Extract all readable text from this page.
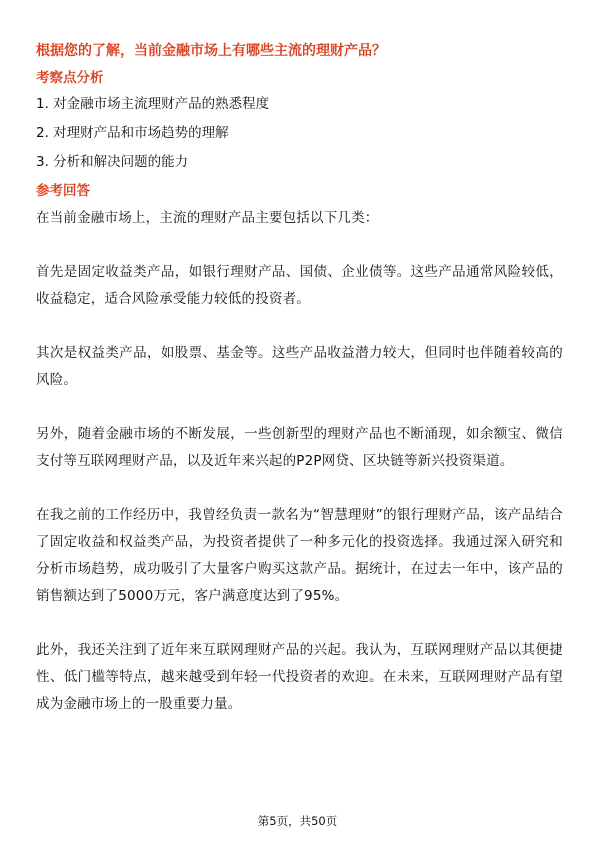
根据您的了解，当前金融市场上有哪些主流的理财产品？
考察点分析
1. 对金融市场主流理财产品的熟悉程度
2. 对理财产品和市场趋势的理解
3. 分析和解决问题的能力
参考回答
在当前金融市场上，主流的理财产品主要包括以下几类：
首先是固定收益类产品，如银行理财产品、国债、企业债等。这些产品通常风险较低，收益稳定，适合风险承受能力较低的投资者。
其次是权益类产品，如股票、基金等。这些产品收益潜力较大，但同时也伴随着较高的风险。
另外，随着金融市场的不断发展，一些创新型的理财产品也不断涌现，如余额宝、微信支付等互联网理财产品，以及近年来兴起的P2P网贷、区块链等新兴投资渠道。
在我之前的工作经历中，我曾经负责一款名为“智慧理财”的银行理财产品，该产品结合了固定收益和权益类产品，为投资者提供了一种多元化的投资选择。我通过深入研究和分析市场趋势，成功吸引了大量客户购买这款产品。据统计，在过去一年中，该产品的销售额达到了5000万元，客户满意度达到了95%。
此外，我还关注到了近年来互联网理财产品的兴起。我认为，互联网理财产品以其便捷性、低门槛等特点，越来越受到年轻一代投资者的欢迎。在未来，互联网理财产品有望成为金融市场上的一股重要力量。
第5页，共50页
